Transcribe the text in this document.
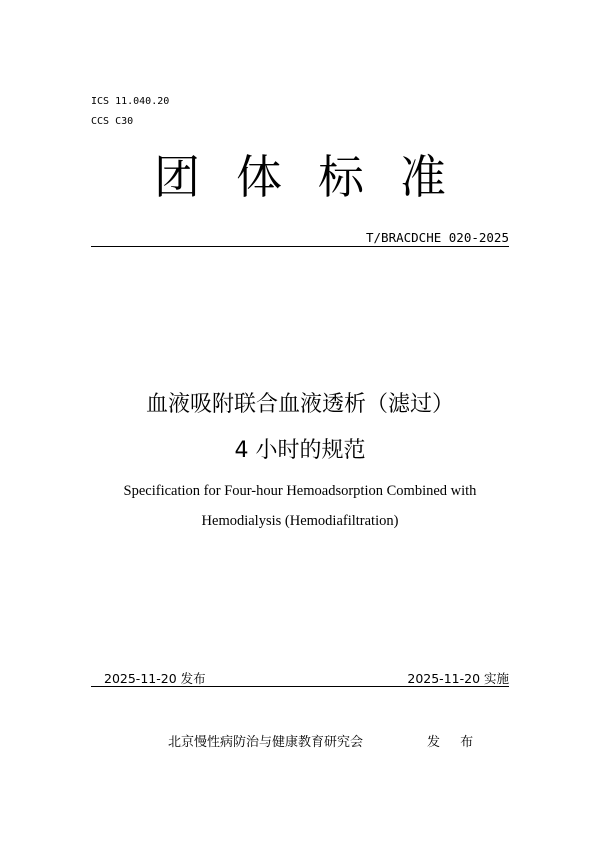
ICS 11.040.20
CCS C30
团体标准
T/BRACDCHE 020-2025
血液吸附联合血液透析（滤过）
4 小时的规范
Specification for Four-hour Hemoadsorption Combined with
Hemodialysis (Hemodiafiltration)
2025-11-20 发布	2025-11-20 实施
北京慢性病防治与健康教育研究会	发 布
